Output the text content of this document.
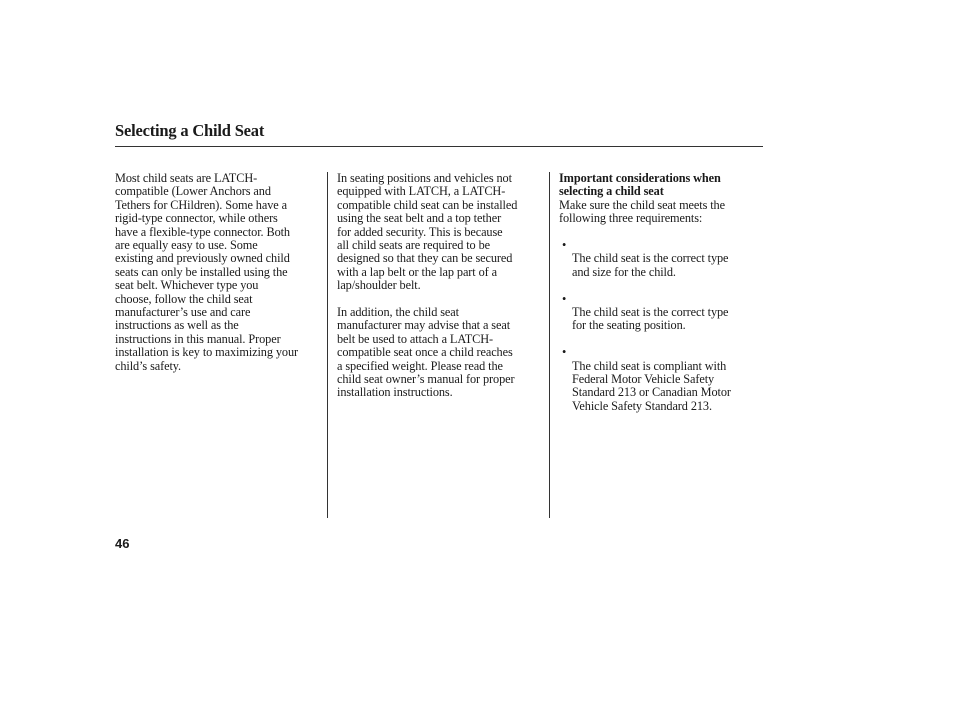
Selecting a Child Seat

Most child seats are LATCH-
compatible (Lower Anchors and
Tethers for CHildren). Some have a
rigid-type connector, while others
have a flexible-type connector. Both
are equally easy to use. Some
existing and previously owned child
seats can only be installed using the
seat belt. Whichever type you
choose, follow the child seat
manufacturer’s use and care
instructions as well as the
instructions in this manual. Proper
installation is key to maximizing your
child’s safety.

In seating positions and vehicles not
equipped with LATCH, a LATCH-
compatible child seat can be installed
using the seat belt and a top tether
for added security. This is because
all child seats are required to be
designed so that they can be secured
with a lap belt or the lap part of a
lap/shoulder belt.

In addition, the child seat
manufacturer may advise that a seat
belt be used to attach a LATCH-
compatible seat once a child reaches
a specified weight. Please read the
child seat owner’s manual for proper
installation instructions.

Important considerations when
selecting a child seat

Make sure the child seat meets the
following three requirements:

•
The child seat is the correct type
and size for the child.

•
The child seat is the correct type
for the seating position.

•
The child seat is compliant with
Federal Motor Vehicle Safety
Standard 213 or Canadian Motor
Vehicle Safety Standard 213.

46
